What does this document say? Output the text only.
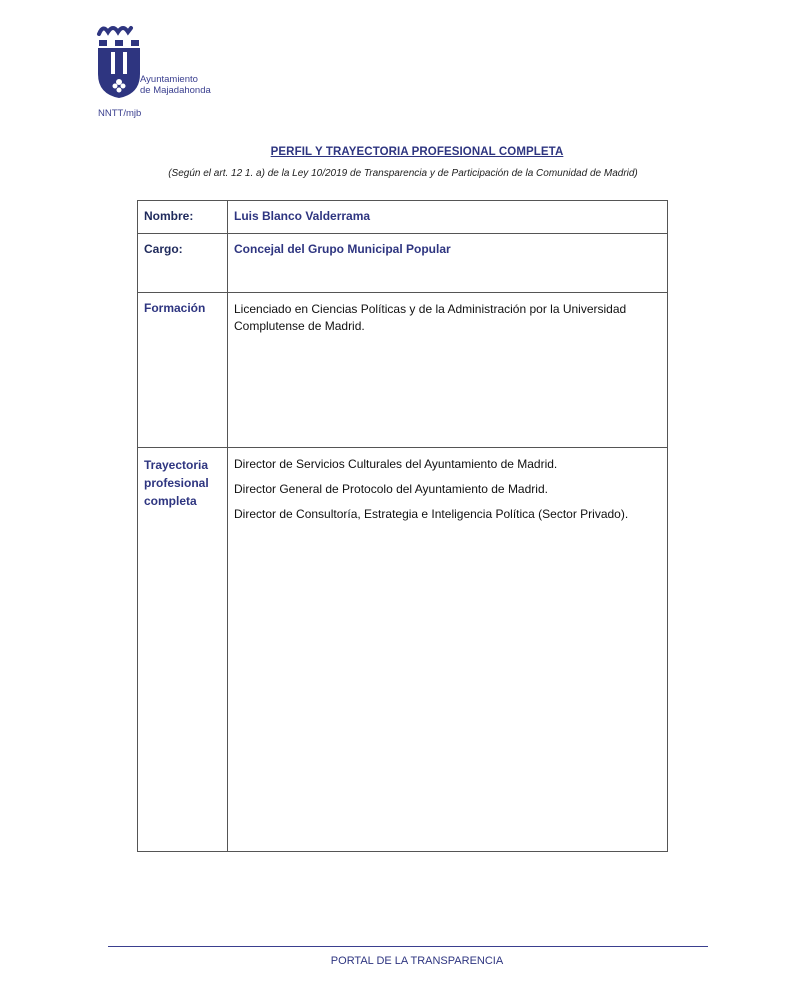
Ayuntamiento
de Majadahonda
NNTT/mjb
PERFIL Y TRAYECTORIA PROFESIONAL COMPLETA
(Según el art. 12 1. a) de la Ley 10/2019 de Transparencia y de Participación de la Comunidad de Madrid)
Nombre:	Luis Blanco Valderrama
Cargo:	Concejal del Grupo Municipal Popular
Formación	Licenciado en Ciencias Políticas y de la Administración por la Universidad Complutense de Madrid.

Trayectoria profesional completa	Director de Servicios Culturales del Ayuntamiento de Madrid.

Director General de Protocolo del Ayuntamiento de Madrid.

Director de Consultoría, Estrategia e Inteligencia Política (Sector Privado).

PORTAL DE LA TRANSPARENCIA
